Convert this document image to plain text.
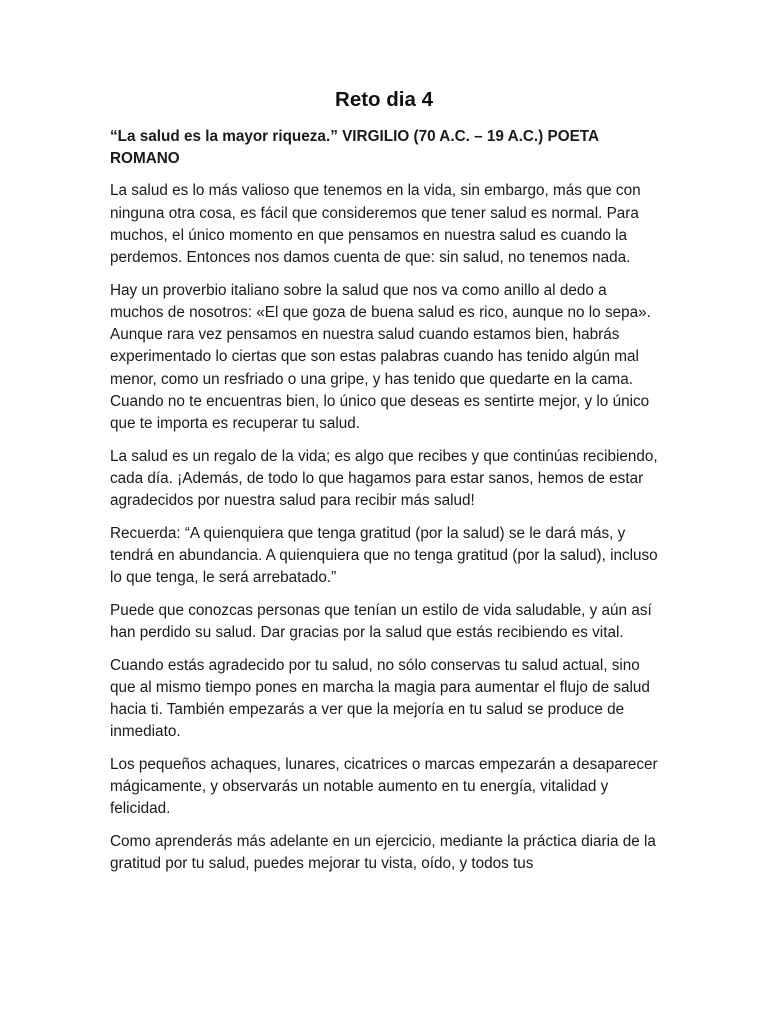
Reto dia 4

“La salud es la mayor riqueza.” VIRGILIO (70 A.C. – 19 A.C.) POETA ROMANO

La salud es lo más valioso que tenemos en la vida, sin embargo, más que con ninguna otra cosa, es fácil que consideremos que tener salud es normal. Para muchos, el único momento en que pensamos en nuestra salud es cuando la perdemos. Entonces nos damos cuenta de que: sin salud, no tenemos nada.

Hay un proverbio italiano sobre la salud que nos va como anillo al dedo a muchos de nosotros: «El que goza de buena salud es rico, aunque no lo sepa». Aunque rara vez pensamos en nuestra salud cuando estamos bien, habrás experimentado lo ciertas que son estas palabras cuando has tenido algún mal menor, como un resfriado o una gripe, y has tenido que quedarte en la cama. Cuando no te encuentras bien, lo único que deseas es sentirte mejor, y lo único que te importa es recuperar tu salud.

La salud es un regalo de la vida; es algo que recibes y que continúas recibiendo, cada día. ¡Además, de todo lo que hagamos para estar sanos, hemos de estar agradecidos por nuestra salud para recibir más salud!

Recuerda: “A quienquiera que tenga gratitud (por la salud) se le dará más, y tendrá en abundancia. A quienquiera que no tenga gratitud (por la salud), incluso lo que tenga, le será arrebatado.”

Puede que conozcas personas que tenían un estilo de vida saludable, y aún así han perdido su salud. Dar gracias por la salud que estás recibiendo es vital.

Cuando estás agradecido por tu salud, no sólo conservas tu salud actual, sino que al mismo tiempo pones en marcha la magia para aumentar el flujo de salud hacia ti. También empezarás a ver que la mejoría en tu salud se produce de inmediato.

Los pequeños achaques, lunares, cicatrices o marcas empezarán a desaparecer mágicamente, y observarás un notable aumento en tu energía, vitalidad y felicidad.

Como aprenderás más adelante en un ejercicio, mediante la práctica diaria de la gratitud por tu salud, puedes mejorar tu vista, oído, y todos tus
